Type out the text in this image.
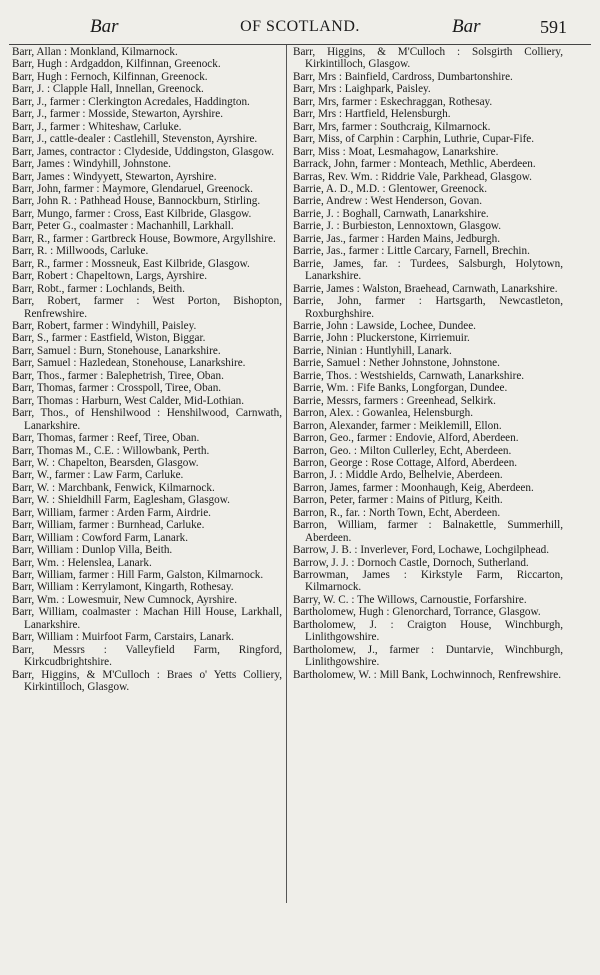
Bar	OF SCOTLAND.	Bar	591
Barr, Allan : Monkland, Kilmarnock.
Barr, Hugh : Ardgaddon, Kilfinnan, Greenock.
Barr, Hugh : Fernoch, Kilfinnan, Greenock.
Barr, J. : Clapple Hall, Innellan, Greenock.
Barr, J., farmer : Clerkington Acredales, Haddington.
Barr, J., farmer : Mosside, Stewarton, Ayrshire.
Barr, J., farmer : Whiteshaw, Carluke.
Barr, J., cattle-dealer : Castlehill, Stevenston, Ayrshire.
Barr, James, contractor : Clydeside, Uddingston, Glasgow.
Barr, James : Windyhill, Johnstone.
Barr, James : Windyyett, Stewarton, Ayrshire.
Barr, John, farmer : Maymore, Glendaruel, Greenock.
Barr, John R. : Pathhead House, Bannockburn, Stirling.
Barr, Mungo, farmer : Cross, East Kilbride, Glasgow.
Barr, Peter G., coalmaster : Machanhill, Larkhall.
Barr, R., farmer : Gartbreck House, Bowmore, Argyllshire.
Barr, R. : Millwoods, Carluke.
Barr, R., farmer : Mossneuk, East Kilbride, Glasgow.
Barr, Robert : Chapeltown, Largs, Ayrshire.
Barr, Robt., farmer : Lochlands, Beith.
Barr, Robert, farmer : West Porton, Bishopton, Renfrewshire.
Barr, Robert, farmer : Windyhill, Paisley.
Barr, S., farmer : Eastfield, Wiston, Biggar.
Barr, Samuel : Burn, Stonehouse, Lanarkshire.
Barr, Samuel : Hazledean, Stonehouse, Lanarkshire.
Barr, Thos., farmer : Balephetrish, Tiree, Oban.
Barr, Thomas, farmer : Crosspoll, Tiree, Oban.
Barr, Thomas : Harburn, West Calder, Mid-Lothian.
Barr, Thos., of Henshilwood : Henshilwood, Carnwath, Lanarkshire.
Barr, Thomas, farmer : Reef, Tiree, Oban.
Barr, Thomas M., C.E. : Willowbank, Perth.
Barr, W. : Chapelton, Bearsden, Glasgow.
Barr, W., farmer : Law Farm, Carluke.
Barr, W. : Marchbank, Fenwick, Kilmarnock.
Barr, W. : Shieldhill Farm, Eaglesham, Glasgow.
Barr, William, farmer : Arden Farm, Airdrie.
Barr, William, farmer : Burnhead, Carluke.
Barr, William : Cowford Farm, Lanark.
Barr, William : Dunlop Villa, Beith.
Barr, Wm. : Helenslea, Lanark.
Barr, William, farmer : Hill Farm, Galston, Kilmarnock.
Barr, William : Kerrylamont, Kingarth, Rothesay.
Barr, Wm. : Lowesmuir, New Cumnock, Ayrshire.
Barr, William, coalmaster : Machan Hill House, Larkhall, Lanarkshire.
Barr, William : Muirfoot Farm, Carstairs, Lanark.
Barr, Messrs : Valleyfield Farm, Ringford, Kirkcudbrightshire.
Barr, Higgins, & M'Culloch : Braes o' Yetts Colliery, Kirkintilloch, Glasgow.
Barr, Higgins, & M'Culloch : Solsgirth Colliery, Kirkintilloch, Glasgow.
Barr, Mrs : Bainfield, Cardross, Dumbartonshire.
Barr, Mrs : Laighpark, Paisley.
Barr, Mrs, farmer : Eskechraggan, Rothesay.
Barr, Mrs : Hartfield, Helensburgh.
Barr, Mrs, farmer : Southcraig, Kilmarnock.
Barr, Miss, of Carphin : Carphin, Luthrie, Cupar-Fife.
Barr, Miss : Moat, Lesmahagow, Lanarkshire.
Barrack, John, farmer : Monteach, Methlic, Aberdeen.
Barras, Rev. Wm. : Riddrie Vale, Parkhead, Glasgow.
Barrie, A. D., M.D. : Glentower, Greenock.
Barrie, Andrew : West Henderson, Govan.
Barrie, J. : Boghall, Carnwath, Lanarkshire.
Barrie, J. : Burbieston, Lennoxtown, Glasgow.
Barrie, Jas., farmer : Harden Mains, Jedburgh.
Barrie, Jas., farmer : Little Carcary, Farnell, Brechin.
Barrie, James, far. : Turdees, Salsburgh, Holytown, Lanarkshire.
Barrie, James : Walston, Braehead, Carnwath, Lanarkshire.
Barrie, John, farmer : Hartsgarth, Newcastleton, Roxburghshire.
Barrie, John : Lawside, Lochee, Dundee.
Barrie, John : Pluckerstone, Kirriemuir.
Barrie, Ninian : Huntlyhill, Lanark.
Barrie, Samuel : Nether Johnstone, Johnstone.
Barrie, Thos. : Westshields, Carnwath, Lanarkshire.
Barrie, Wm. : Fife Banks, Longforgan, Dundee.
Barrie, Messrs, farmers : Greenhead, Selkirk.
Barron, Alex. : Gowanlea, Helensburgh.
Barron, Alexander, farmer : Meiklemill, Ellon.
Barron, Geo., farmer : Endovie, Alford, Aberdeen.
Barron, Geo. : Milton Cullerley, Echt, Aberdeen.
Barron, George : Rose Cottage, Alford, Aberdeen.
Barron, J. : Middle Ardo, Belhelvie, Aberdeen.
Barron, James, farmer : Moonhaugh, Keig, Aberdeen.
Barron, Peter, farmer : Mains of Pitlurg, Keith.
Barron, R., far. : North Town, Echt, Aberdeen.
Barron, William, farmer : Balnakettle, Summerhill, Aberdeen.
Barrow, J. B. : Inverlever, Ford, Lochawe, Lochgilphead.
Barrow, J. J. : Dornoch Castle, Dornoch, Sutherland.
Barrowman, James : Kirkstyle Farm, Riccarton, Kilmarnock.
Barry, W. C. : The Willows, Carnoustie, Forfarshire.
Bartholomew, Hugh : Glenorchard, Torrance, Glasgow.
Bartholomew, J. : Craigton House, Winchburgh, Linlithgowshire.
Bartholomew, J., farmer : Duntarvie, Winchburgh, Linlithgowshire.
Bartholomew, W. : Mill Bank, Lochwinnoch, Renfrewshire.
